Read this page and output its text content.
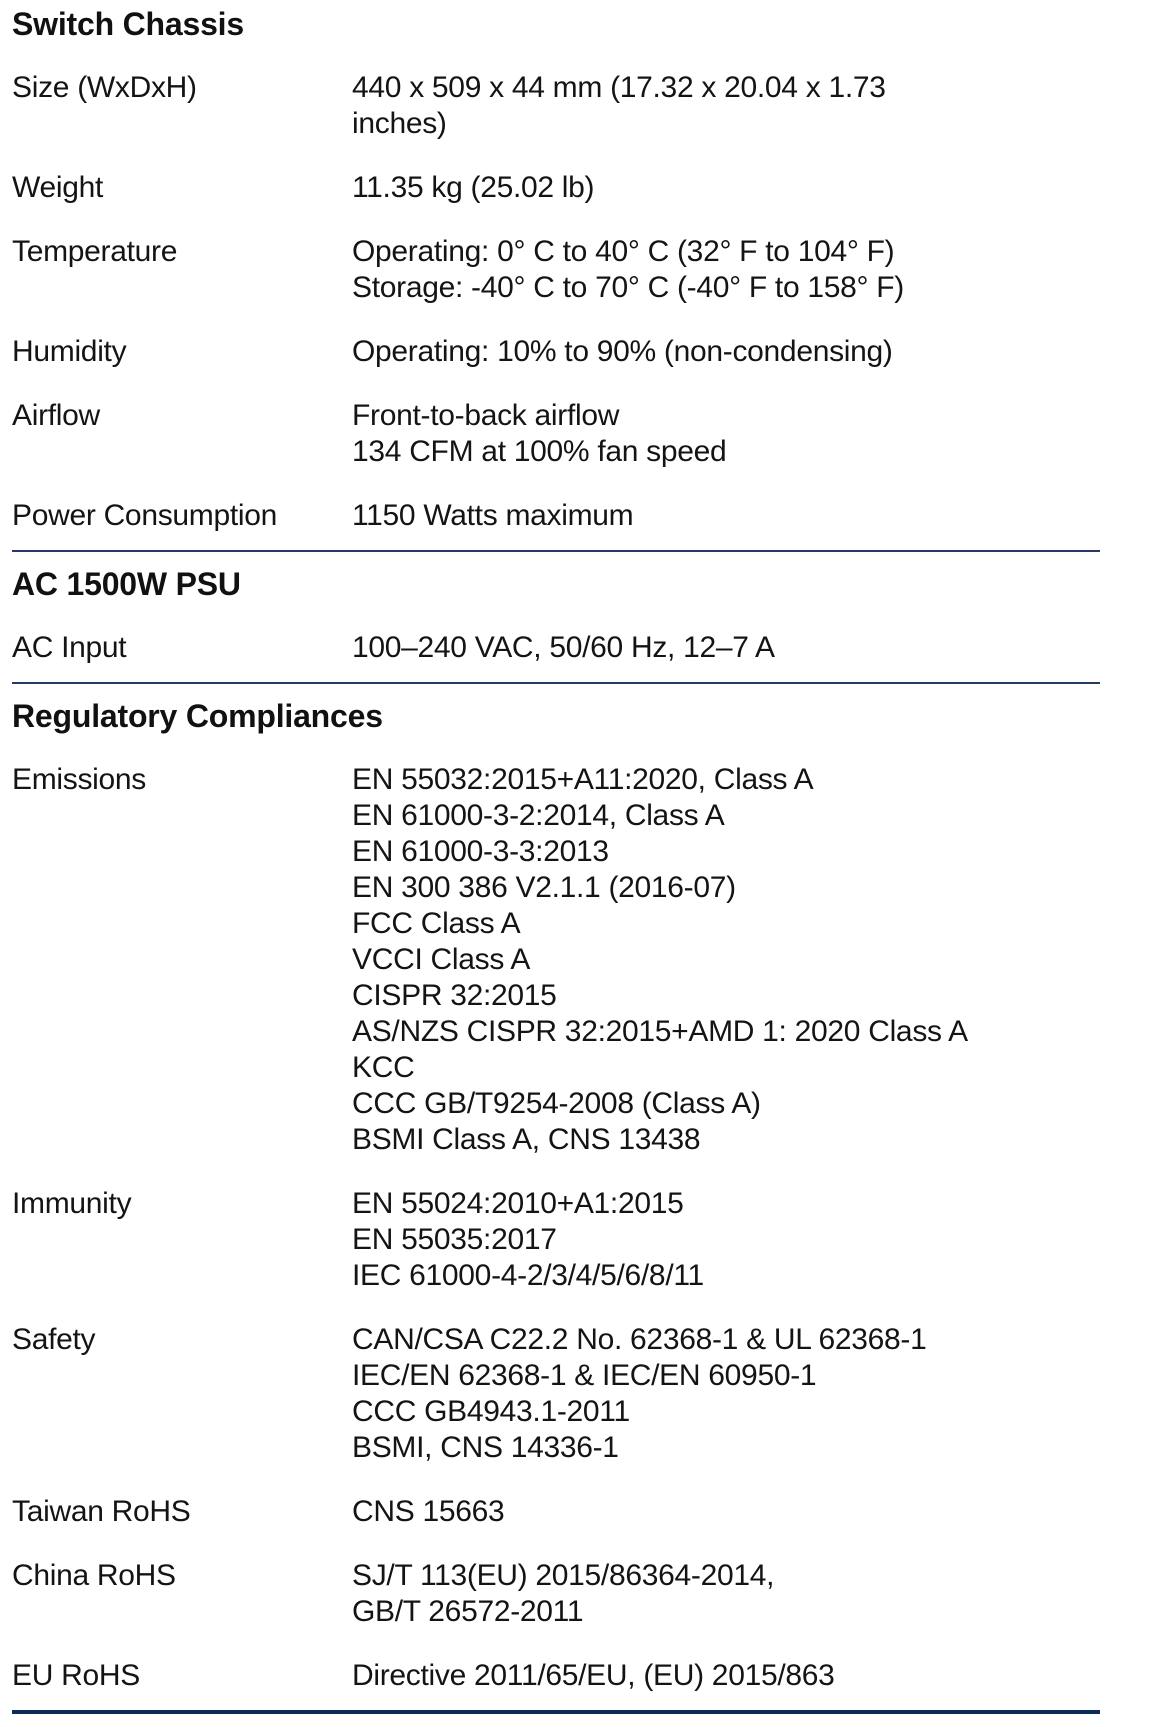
Switch Chassis
Size (WxDxH)	440 x 509 x 44 mm (17.32 x 20.04 x 1.73
inches)
Weight	11.35 kg (25.02 lb)
Temperature	Operating: 0° C to 40° C (32° F to 104° F)
Storage: -40° C to 70° C (-40° F to 158° F)
Humidity	Operating: 10% to 90% (non-condensing)
Airflow	Front-to-back airflow
134 CFM at 100% fan speed
Power Consumption	1150 Watts maximum
AC 1500W PSU
AC Input	100–240 VAC, 50/60 Hz, 12–7 A
Regulatory Compliances
Emissions	EN 55032:2015+A11:2020, Class A
EN 61000-3-2:2014, Class A
EN 61000-3-3:2013
EN 300 386 V2.1.1 (2016-07)
FCC Class A
VCCI Class A
CISPR 32:2015
AS/NZS CISPR 32:2015+AMD 1: 2020 Class A
KCC
CCC GB/T9254-2008 (Class A)
BSMI Class A, CNS 13438
Immunity	EN 55024:2010+A1:2015
EN 55035:2017
IEC 61000-4-2/3/4/5/6/8/11
Safety	CAN/CSA C22.2 No. 62368-1 & UL 62368-1
IEC/EN 62368-1 & IEC/EN 60950-1
CCC GB4943.1-2011
BSMI, CNS 14336-1
Taiwan RoHS	CNS 15663
China RoHS	SJ/T 113(EU) 2015/86364-2014,
GB/T 26572-2011
EU RoHS	Directive 2011/65/EU, (EU) 2015/863
